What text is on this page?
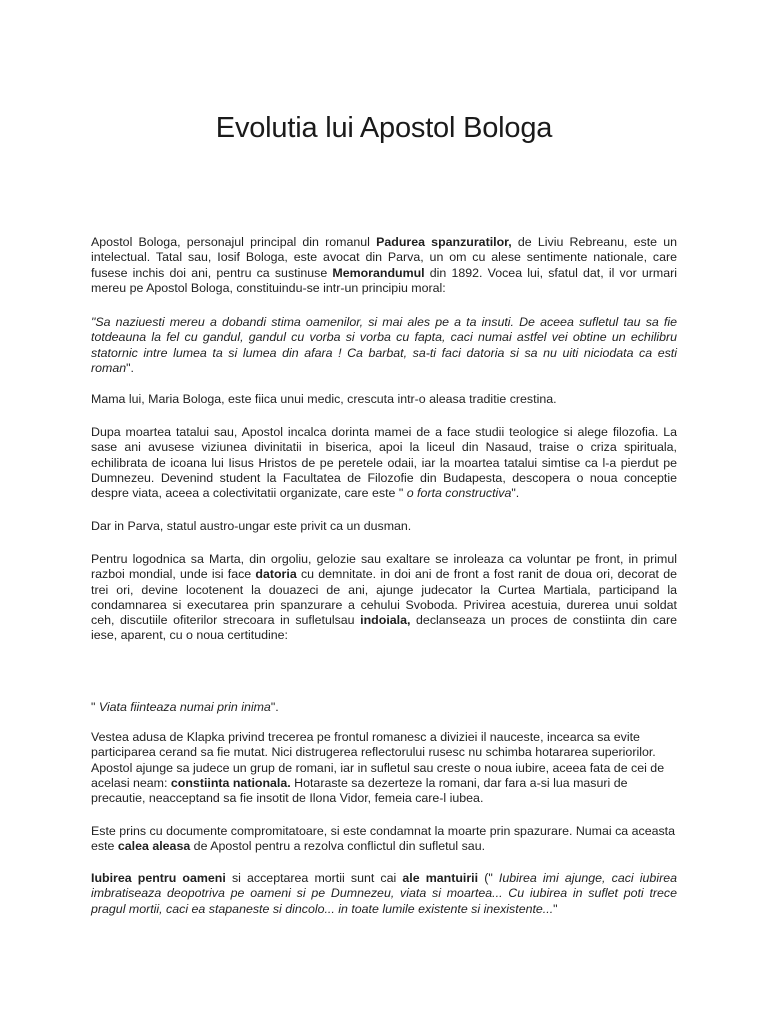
Evolutia lui Apostol Bologa

Apostol Bologa, personajul principal din romanul Padurea spanzuratilor, de Liviu Rebreanu, este un intelectual. Tatal sau, Iosif Bologa, este avocat din Parva, un om cu alese sentimente nationale, care fusese inchis doi ani, pentru ca sustinuse Memorandumul din 1892. Vocea lui, sfatul dat, il vor urmari mereu pe Apostol Bologa, constituindu-se intr-un principiu moral:

"Sa naziuesti mereu a dobandi stima oamenilor, si mai ales pe a ta insuti. De aceea sufletul tau sa fie totdeauna la fel cu gandul, gandul cu vorba si vorba cu fapta, caci numai astfel vei obtine un echilibru statornic intre lumea ta si lumea din afara ! Ca barbat, sa-ti faci datoria si sa nu uiti niciodata ca esti roman".

Mama lui, Maria Bologa, este fiica unui medic, crescuta intr-o aleasa traditie crestina.

Dupa moartea tatalui sau, Apostol incalca dorinta mamei de a face studii teologice si alege filozofia. La sase ani avusese viziunea divinitatii in biserica, apoi la liceul din Nasaud, traise o criza spirituala, echilibrata de icoana lui Iisus Hristos de pe peretele odaii, iar la moartea tatalui simtise ca l-a pierdut pe Dumnezeu. Devenind student la Facultatea de Filozofie din Budapesta, descopera o noua conceptie despre viata, aceea a colectivitatii organizate, care este " o forta constructiva".

Dar in Parva, statul austro-ungar este privit ca un dusman.

Pentru logodnica sa Marta, din orgoliu, gelozie sau exaltare se inroleaza ca voluntar pe front, in primul razboi mondial, unde isi face datoria cu demnitate. in doi ani de front a fost ranit de doua ori, decorat de trei ori, devine locotenent la douazeci de ani, ajunge judecator la Curtea Martiala, participand la condamnarea si executarea prin spanzurare a cehului Svoboda. Privirea acestuia, durerea unui soldat ceh, discutiile ofiterilor strecoara in sufletulsau indoiala, declanseaza un proces de constiinta din care iese, aparent, cu o noua certitudine:

" Viata fiinteaza numai prin inima".

Vestea adusa de Klapka privind trecerea pe frontul romanesc a diviziei il nauceste, incearca sa evite participarea cerand sa fie mutat. Nici distrugerea reflectorului rusesc nu schimba hotararea superiorilor. Apostol ajunge sa judece un grup de romani, iar in sufletul sau creste o noua iubire, aceea fata de cei de acelasi neam: constiinta nationala. Hotaraste sa dezerteze la romani, dar fara a-si lua masuri de precautie, neacceptand sa fie insotit de Ilona Vidor, femeia care-l iubea.

Este prins cu documente compromitatoare, si este condamnat la moarte prin spazurare. Numai ca aceasta este calea aleasa de Apostol pentru a rezolva conflictul din sufletul sau.

Iubirea pentru oameni si acceptarea mortii sunt cai ale mantuirii (" Iubirea imi ajunge, caci iubirea imbratiseaza deopotriva pe oameni si pe Dumnezeu, viata si moartea... Cu iubirea in suflet poti trece pragul mortii, caci ea stapaneste si dincolo... in toate lumile existente si inexistente..."
